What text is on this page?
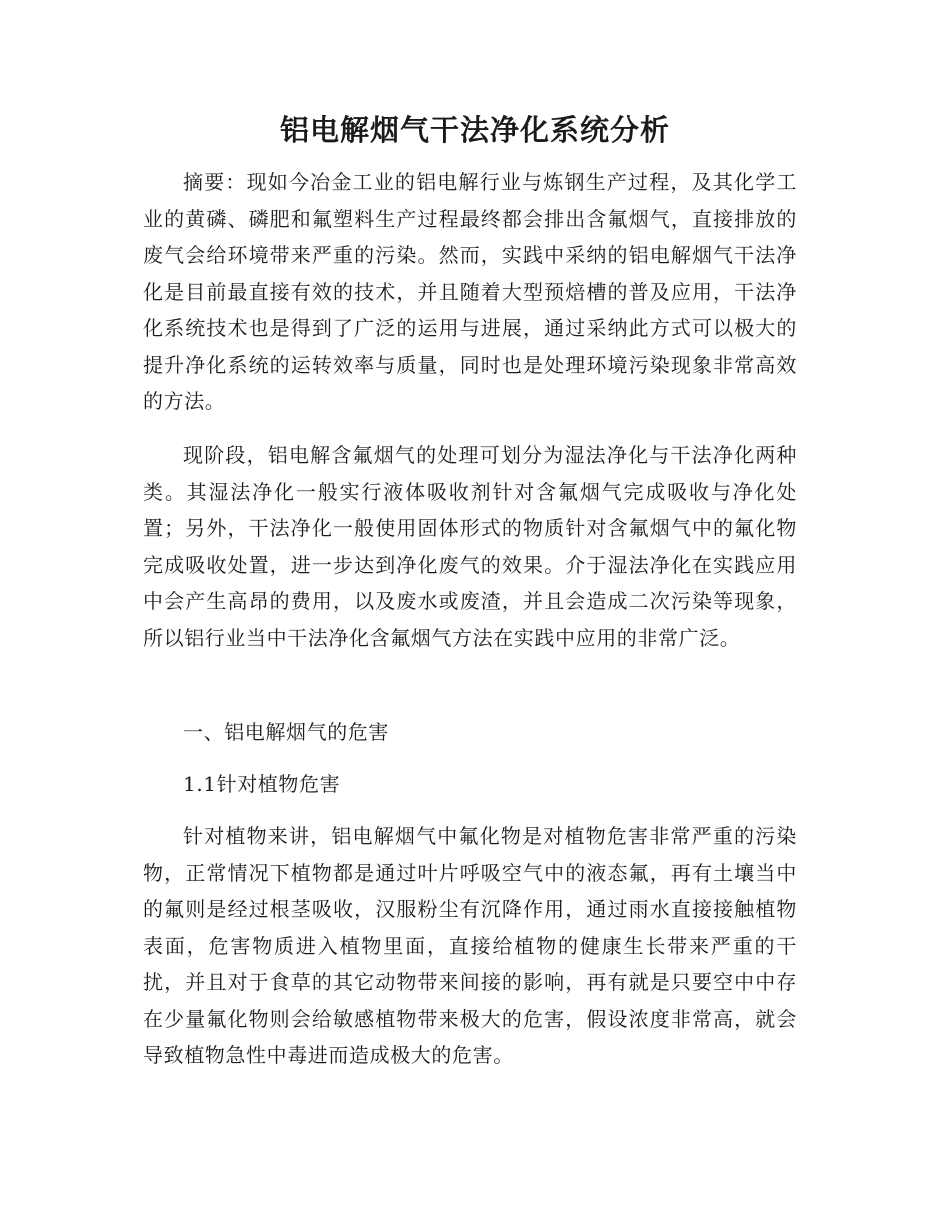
铝电解烟气干法净化系统分析

摘要：现如今冶金工业的铝电解行业与炼钢生产过程，及其化学工业的黄磷、磷肥和氟塑料生产过程最终都会排出含氟烟气，直接排放的废气会给环境带来严重的污染。然而，实践中采纳的铝电解烟气干法净化是目前最直接有效的技术，并且随着大型预焙槽的普及应用，干法净化系统技术也是得到了广泛的运用与进展，通过采纳此方式可以极大的提升净化系统的运转效率与质量，同时也是处理环境污染现象非常高效的方法。

现阶段，铝电解含氟烟气的处理可划分为湿法净化与干法净化两种类。其湿法净化一般实行液体吸收剂针对含氟烟气完成吸收与净化处置；另外，干法净化一般使用固体形式的物质针对含氟烟气中的氟化物完成吸收处置，进一步达到净化废气的效果。介于湿法净化在实践应用中会产生高昂的费用，以及废水或废渣，并且会造成二次污染等现象，所以铝行业当中干法净化含氟烟气方法在实践中应用的非常广泛。

一、铝电解烟气的危害

1.1针对植物危害

针对植物来讲，铝电解烟气中氟化物是对植物危害非常严重的污染物，正常情况下植物都是通过叶片呼吸空气中的液态氟，再有土壤当中的氟则是经过根茎吸收，汉服粉尘有沉降作用，通过雨水直接接触植物表面，危害物质进入植物里面，直接给植物的健康生长带来严重的干扰，并且对于食草的其它动物带来间接的影响，再有就是只要空中中存在少量氟化物则会给敏感植物带来极大的危害，假设浓度非常高，就会导致植物急性中毒进而造成极大的危害。
